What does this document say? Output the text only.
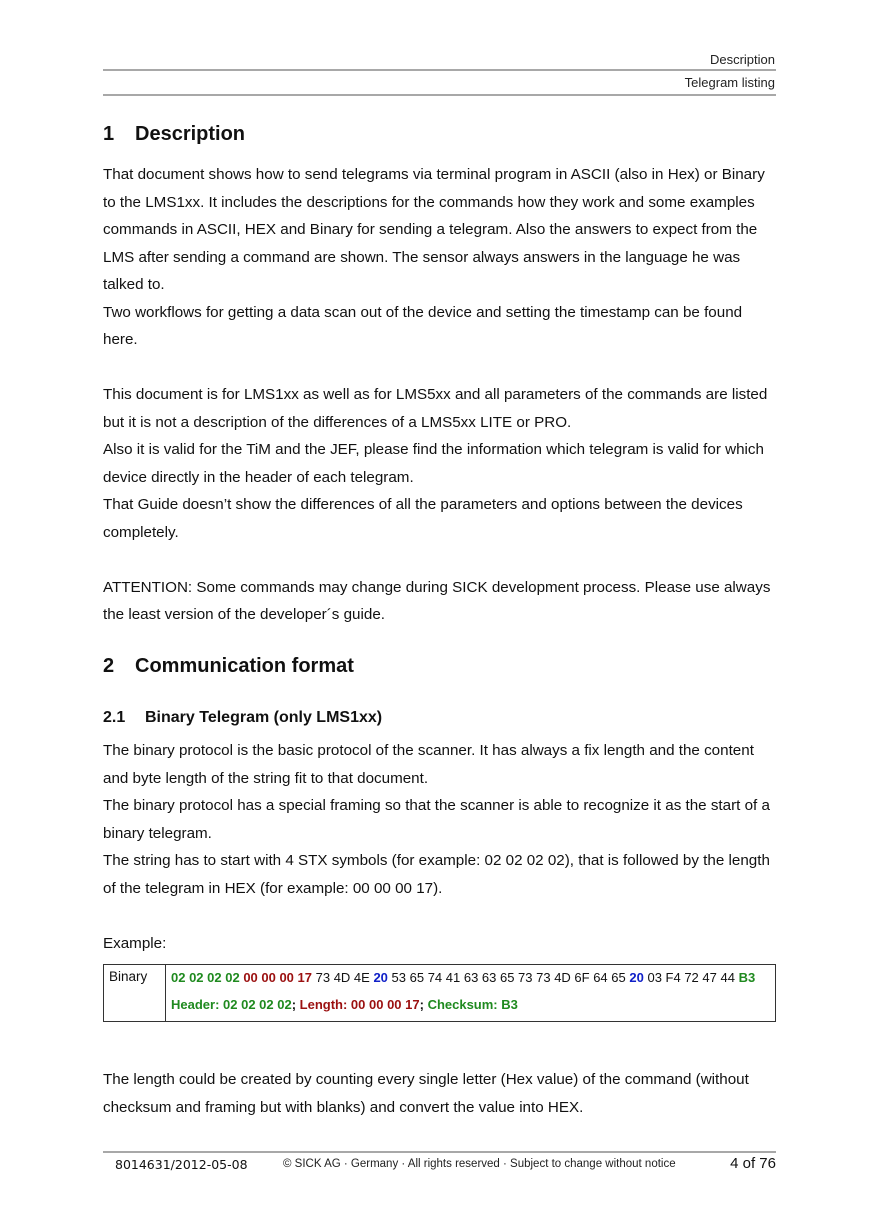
Description
Telegram listing
1 Description

That document shows how to send telegrams via terminal program in ASCII (also in Hex) or Binary to the LMS1xx. It includes the descriptions for the commands how they work and some examples commands in ASCII, HEX and Binary for sending a telegram. Also the answers to expect from the LMS after sending a command are shown. The sensor always answers in the language he was talked to.

Two workflows for getting a data scan out of the device and setting the timestamp can be found here.

This document is for LMS1xx as well as for LMS5xx and all parameters of the commands are listed but it is not a description of the differences of a LMS5xx LITE or PRO.

Also it is valid for the TiM and the JEF, please find the information which telegram is valid for which device directly in the header of each telegram.

That Guide doesn’t show the differences of all the parameters and options between the devices completely.

ATTENTION: Some commands may change during SICK development process. Please use always the least version of the developer´s guide.

2 Communication format
2.1 Binary Telegram (only LMS1xx)

The binary protocol is the basic protocol of the scanner. It has always a fix length and the content and byte length of the string fit to that document.

The binary protocol has a special framing so that the scanner is able to recognize it as the start of a binary telegram.

The string has to start with 4 STX symbols (for example: 02 02 02 02), that is followed by the length of the telegram in HEX (for example: 00 00 00 17).

Example:
Binary	02 02 02 02 00 00 00 17 73 4D 4E 20 53 65 74 41 63 63 65 73 73 4D 6F 64 65 20 03 F4 72 47 44 B3
Header: 02 02 02 02; Length: 00 00 00 17; Checksum: B3
The length could be created by counting every single letter (Hex value) of the command (without checksum and framing but with blanks) and convert the value into HEX.
8014631/2012-05-08	© SICK AG · Germany · All rights reserved · Subject to change without notice	4 of 76
